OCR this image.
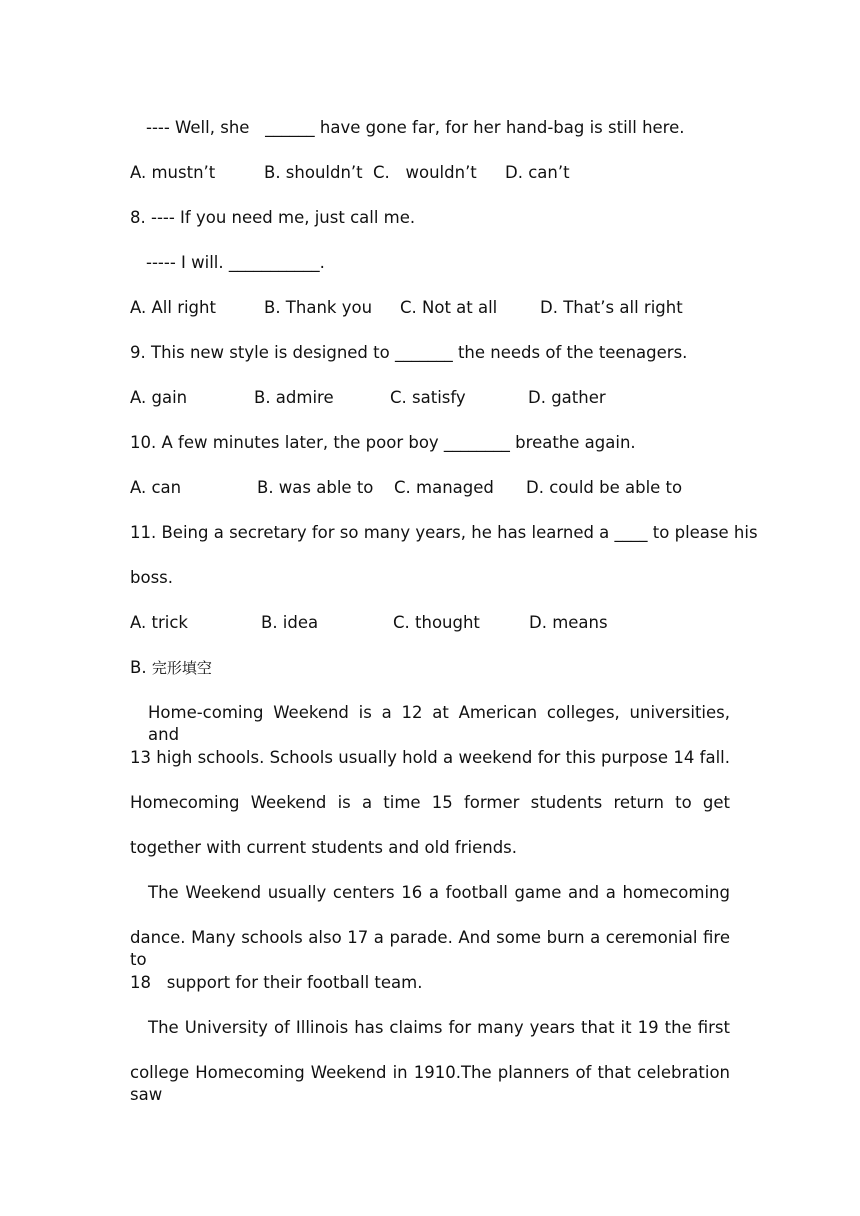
---- Well, she   ______ have gone far, for her hand-bag is still here.
A. mustn’t	B. shouldn’t C.   wouldn’t D. can’t
8. ---- If you need me, just call me.
----- I will. ___________.
A. All right	B. Thank you C. Not at all	D. That’s all right
9. This new style is designed to _______ the needs of the teenagers.
A. gain	B. admire	C. satisfy	D. gather
10. A few minutes later, the poor boy ________ breathe again.
A. can	B. was able to C. managed D. could be able to
11. Being a secretary for so many years, he has learned a ____ to please his
boss.
A. trick	B. idea	C. thought	D. means
B. 完形填空
Home-coming Weekend is a 12 at American colleges, universities, and
13 high schools. Schools usually hold a weekend for this purpose 14 fall.
Homecoming Weekend is a time 15 former students return to get
together with current students and old friends.
The Weekend usually centers 16 a football game and a homecoming
dance. Many schools also 17 a parade. And some burn a ceremonial fire to
18   support for their football team.
The University of Illinois has claims for many years that it 19 the first
college Homecoming Weekend in 1910.The planners of that celebration saw
